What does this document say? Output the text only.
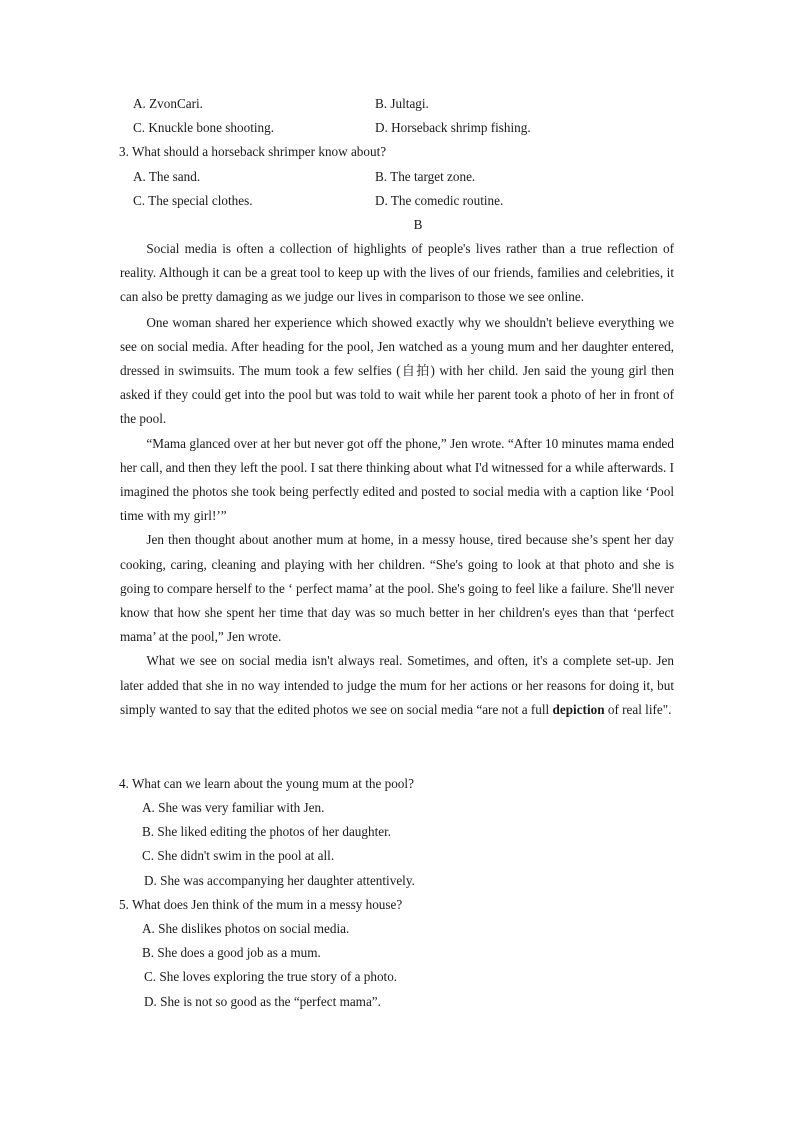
A. ZvonCari.	B. Jultagi.
C. Knuckle bone shooting.	D. Horseback shrimp fishing.
3. What should a horseback shrimper know about?
A. The sand.	B. The target zone.
C. The special clothes.	D. The comedic routine.
B

Social media is often a collection of highlights of people's lives rather than a true reflection of reality. Although it can be a great tool to keep up with the lives of our friends, families and celebrities, it can also be pretty damaging as we judge our lives in comparison to those we see online.

One woman shared her experience which showed exactly why we shouldn't believe everything we see on social media. After heading for the pool, Jen watched as a young mum and her daughter entered, dressed in swimsuits. The mum took a few selfies (自拍) with her child. Jen said the young girl then asked if they could get into the pool but was told to wait while her parent took a photo of her in front of the pool.

“Mama glanced over at her but never got off the phone,” Jen wrote. “After 10 minutes mama ended her call, and then they left the pool. I sat there thinking about what I'd witnessed for a while afterwards. I imagined the photos she took being perfectly edited and posted to social media with a caption like ‘Pool time with my girl!’”

Jen then thought about another mum at home, in a messy house, tired because she’s spent her day cooking, caring, cleaning and playing with her children. “She's going to look at that photo and she is going to compare herself to the ‘ perfect mama’ at the pool. She's going to feel like a failure. She'll never know that how she spent her time that day was so much better in her children's eyes than that ‘perfect mama’ at the pool,” Jen wrote.

What we see on social media isn't always real. Sometimes, and often, it's a complete set-up. Jen later added that she in no way intended to judge the mum for her actions or her reasons for doing it, but simply wanted to say that the edited photos we see on social media “are not a full depiction of real life".

4. What can we learn about the young mum at the pool?
A. She was very familiar with Jen.
B. She liked editing the photos of her daughter.
C. She didn't swim in the pool at all.
D. She was accompanying her daughter attentively.
5. What does Jen think of the mum in a messy house?
A. She dislikes photos on social media.
B. She does a good job as a mum.
C. She loves exploring the true story of a photo.
D. She is not so good as the “perfect mama”.
